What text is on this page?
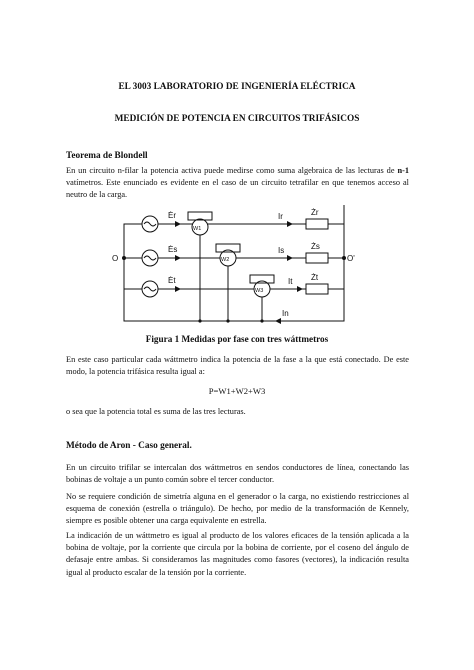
EL 3003 LABORATORIO DE INGENIERÍA ELÉCTRICA
MEDICIÓN DE POTENCIA EN CIRCUITOS TRIFÁSICOS
Teorema de Blondell
En un circuito n-filar la potencia activa puede medirse como suma algebraica de las lecturas de n-1 vatímetros. Este enunciado es evidente en el caso de un circuito tetrafilar en que tenemos acceso al neutro de la carga.
Ėr
Ės
Ėt
O	O'
W1
W2
W3
Ir
Is
It
In
Żr
Żs
Żt
Figura 1 Medidas por fase con tres wáttmetros
En este caso particular cada wáttmetro indica la potencia de la fase a la que está conectado. De este modo, la potencia trifásica resulta igual a:
P=W1+W2+W3
o sea que la potencia total es suma de las tres lecturas.
Método de Aron - Caso general.
En un circuito trifilar se intercalan dos wáttmetros en sendos conductores de línea, conectando las bobinas de voltaje a un punto común sobre el tercer conductor.
No se requiere condición de simetría alguna en el generador o la carga, no existiendo restricciones al esquema de conexión (estrella o triángulo). De hecho, por medio de la transformación de Kennely, siempre es posible obtener una carga equivalente en estrella.
La indicación de un wáttmetro es igual al producto de los valores eficaces de la tensión aplicada a la bobina de voltaje, por la corriente que circula por la bobina de corriente, por el coseno del ángulo de defasaje entre ambas. Si consideramos las magnitudes como fasores (vectores), la indicación resulta igual al producto escalar de la tensión por la corriente.
